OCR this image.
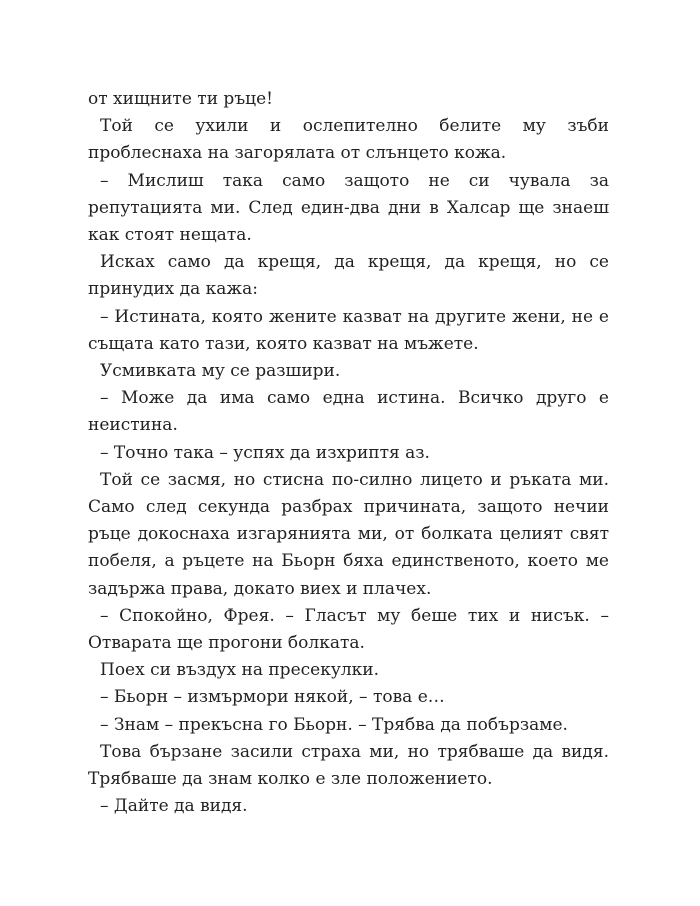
от хищните ти ръце!

Той се ухили и ослепително белите му зъби проблеснаха на загорялата от слънцето кожа.

– Мислиш така само защото не си чувала за репутацията ми. След един-два дни в Халсар ще знаеш как стоят нещата.

Исках само да крещя, да крещя, да крещя, но се принудих да кажа:

– Истината, която жените казват на другите жени, не е същата като тази, която казват на мъжете.

Усмивката му се разшири.

– Може да има само една истина. Всичко друго е неистина.

– Точно така – успях да изхриптя аз.

Той се засмя, но стисна по-силно лицето и ръката ми. Само след секунда разбрах причината, защото нечии ръце докоснаха изгарянията ми, от болката целият свят побеля, а ръцете на Бьорн бяха единственото, което ме задържа права, докато виех и плачех.

– Спокойно, Фрея. – Гласът му беше тих и нисък. – Отварата ще прогони болката.

Поех си въздух на пресекулки.

– Бьорн – измърмори някой, – това е…

– Знам – прекъсна го Бьорн. – Трябва да побързаме.

Това бързане засили страха ми, но трябваше да видя. Трябваше да знам колко е зле положението.

– Дайте да видя.
